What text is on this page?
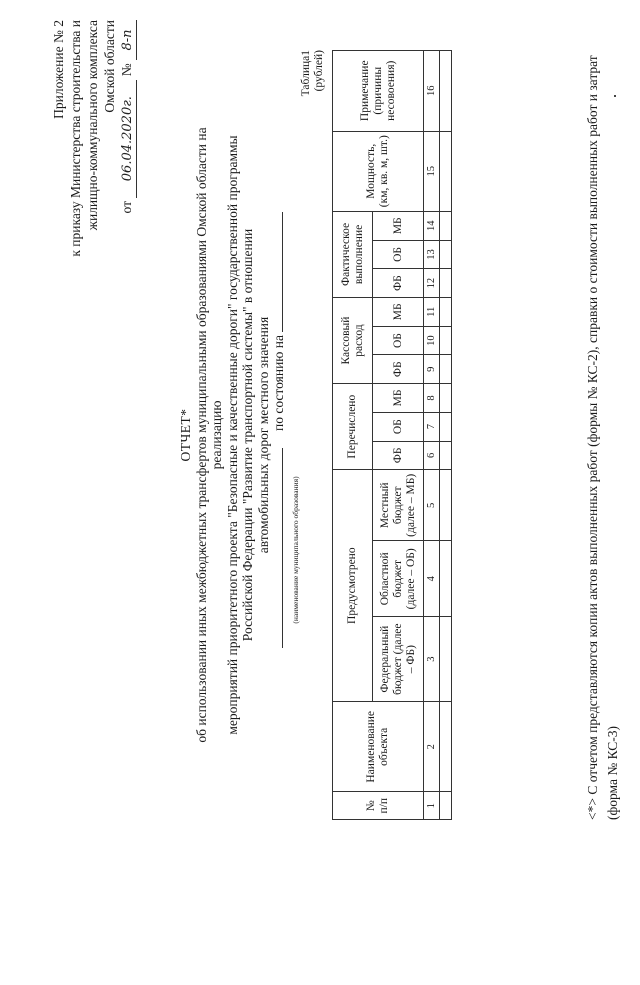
Приложение № 2 к приказу Министерства строительства и жилищно-коммунального комплекса Омской области
от 06.04.2020г. № 8-п
ОТЧЕТ* об использовании иных межбюджетных трансфертов муниципальными образованиями Омской области на реализацию мероприятий приоритетного проекта "Безопасные и качественные дороги" государственной программы Российской Федерации "Развитие транспортной системы" в отношении автомобильных дорог местного значения по состоянию на
(наименование муниципального образования)
Таблица1 (рублей)
№ п/п	Наименование объекта	Предусмотрено			Перечислено			Кассовый расход			Фактическое выполнение			Мощность, (км, кв. м, шт.)	Примечание (причины несовоения)
		Федеральный бюджет (далее – ФБ)	Областной бюджет (далее – ОБ)	Местный бюджет (далее – МБ)	ФБ	ОБ	МБ	ФБ	ОБ	МБ	ФБ	ОБ	МБ		
1	2	3	4	5	6	7	8	9	10	11	12	13	14	15	16
																<*> С отчетом представляются копии актов выполненных работ (формы № КС-2), справки о стоимости выполненных работ и затрат (форма № КС-3)
